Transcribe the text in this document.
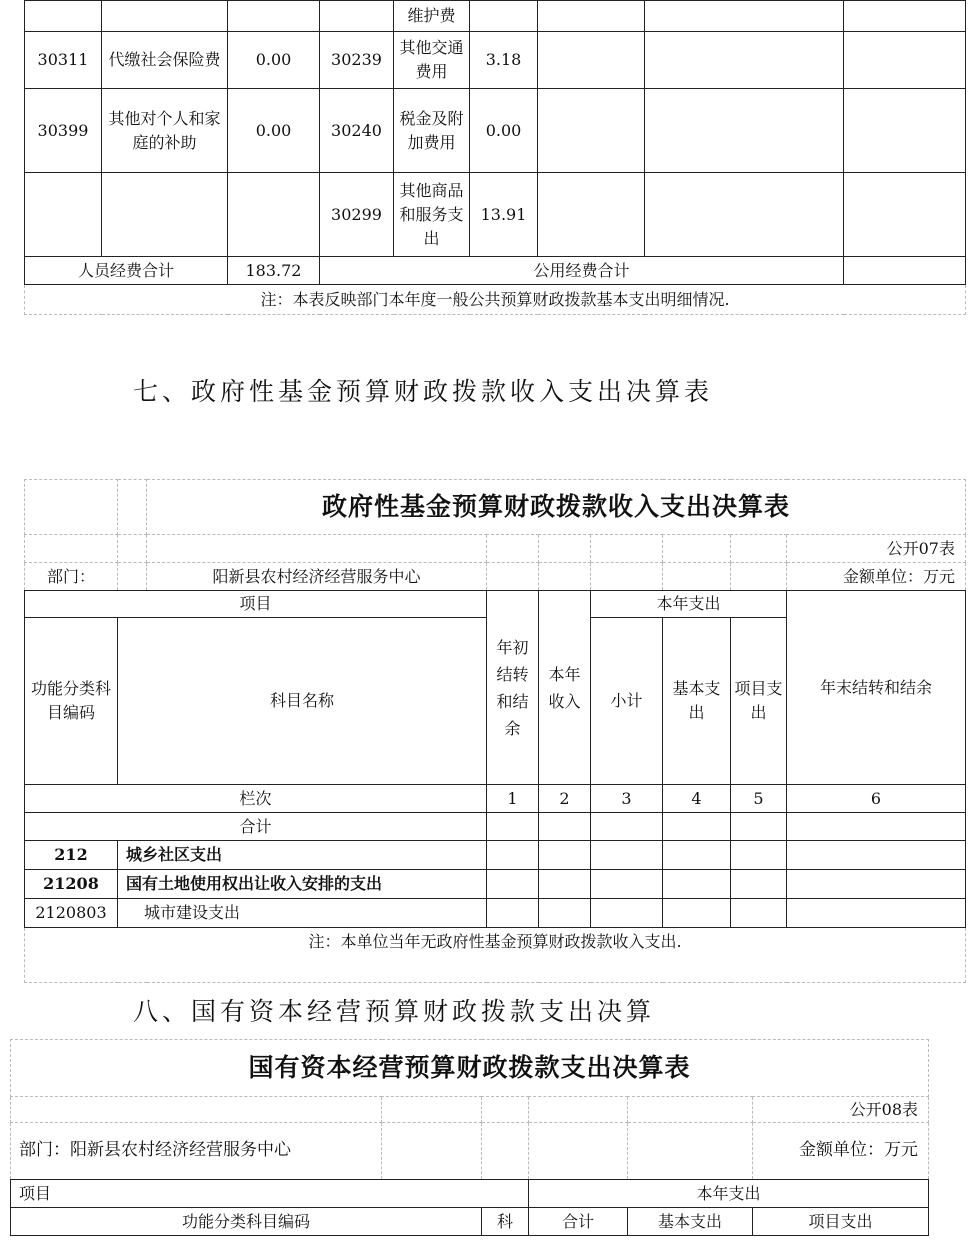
				维护费				
30311	代缴社会保险费	0.00	30239	其他交通费用	3.18			
30399	其他对个人和家庭的补助	0.00	30240	税金及附加费用	0.00			
			30299	其他商品和服务支出	13.91			
人员经费合计		183.72	公用经费合计					
注：本表反映部门本年度一般公共预算财政拨款基本支出明细情况.								
七、政府性基金预算财政拨款收入支出决算表
		政府性基金预算财政拨款收入支出决算表						
								公开07表
部门：		阳新县农村经济经营服务中心						金额单位：万元
项目			年初结转和结余	本年收入	本年支出			年末结转和结余
功能分类科目编码	科目名称				小计	基本支出	项目支出	
栏次			1	2	3	4	5	6
合计								
212	城乡社区支出							
21208	国有土地使用权出让收入安排的支出							
2120803	城市建设支出							
注：本单位当年无政府性基金预算财政拨款收入支出.								
八、国有资本经营预算财政拨款支出决算
国有资本经营预算财政拨款支出决算表					
					公开08表
部门：阳新县农村经济经营服务中心					金额单位：万元
项目			本年支出		
功能分类科目编码		科	合计	基本支出	项目支出
